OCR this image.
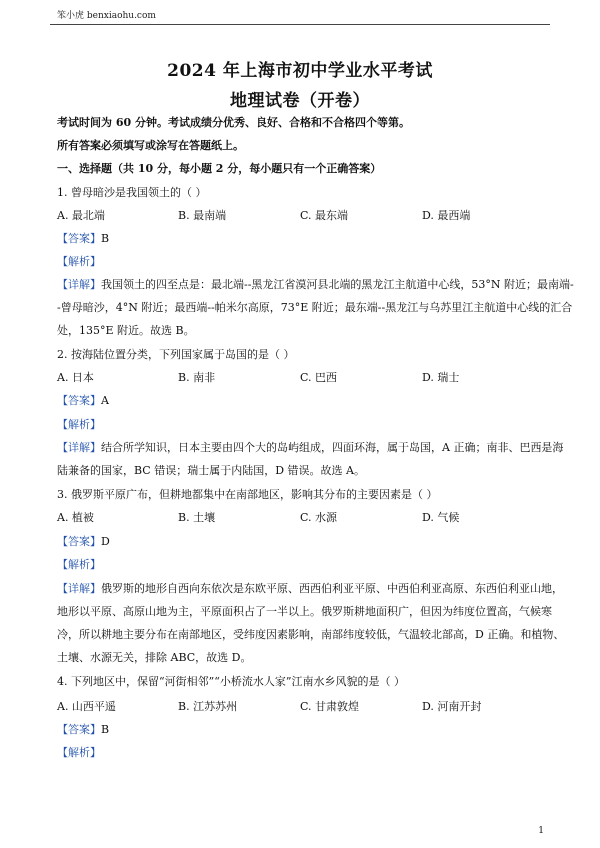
笨小虎 benxiaohu.com
2024 年上海市初中学业水平考试
地理试卷（开卷）
考试时间为 60 分钟。考试成绩分优秀、良好、合格和不合格四个等第。
所有答案必须填写或涂写在答题纸上。
一、选择题（共 10 分，每小题 2 分，每小题只有一个正确答案）
1. 曾母暗沙是我国领土的（ ）
A. 最北端	B. 最南端	C. 最东端	D. 最西端
【答案】B
【解析】
【详解】我国领土的四至点是：最北端--黑龙江省漠河县北端的黑龙江主航道中心线，53°N 附近；最南端-
-曾母暗沙，4°N 附近；最西端--帕米尔高原，73°E 附近；最东端--黑龙江与乌苏里江主航道中心线的汇合
处，135°E 附近。故选 B。
2. 按海陆位置分类，下列国家属于岛国的是（ ）
A. 日本	B. 南非	C. 巴西	D. 瑞士
【答案】A
【解析】
【详解】结合所学知识，日本主要由四个大的岛屿组成，四面环海，属于岛国，A 正确；南非、巴西是海
陆兼备的国家，BC 错误；瑞士属于内陆国，D 错误。故选 A。
3. 俄罗斯平原广布，但耕地都集中在南部地区，影响其分布的主要因素是（ ）
A. 植被	B. 土壤	C. 水源	D. 气候
【答案】D
【解析】
【详解】俄罗斯的地形自西向东依次是东欧平原、西西伯利亚平原、中西伯利亚高原、东西伯利亚山地，
地形以平原、高原山地为主，平原面积占了一半以上。俄罗斯耕地面积广，但因为纬度位置高，气候寒
冷，所以耕地主要分布在南部地区，受纬度因素影响，南部纬度较低，气温较北部高，D 正确。和植物、
土壤、水源无关，排除 ABC，故选 D。
4. 下列地区中，保留“河街相邻”“小桥流水人家”江南水乡风貌的是（ ）
A. 山西平遥	B. 江苏苏州	C. 甘肃敦煌	D. 河南开封
【答案】B
【解析】
1
